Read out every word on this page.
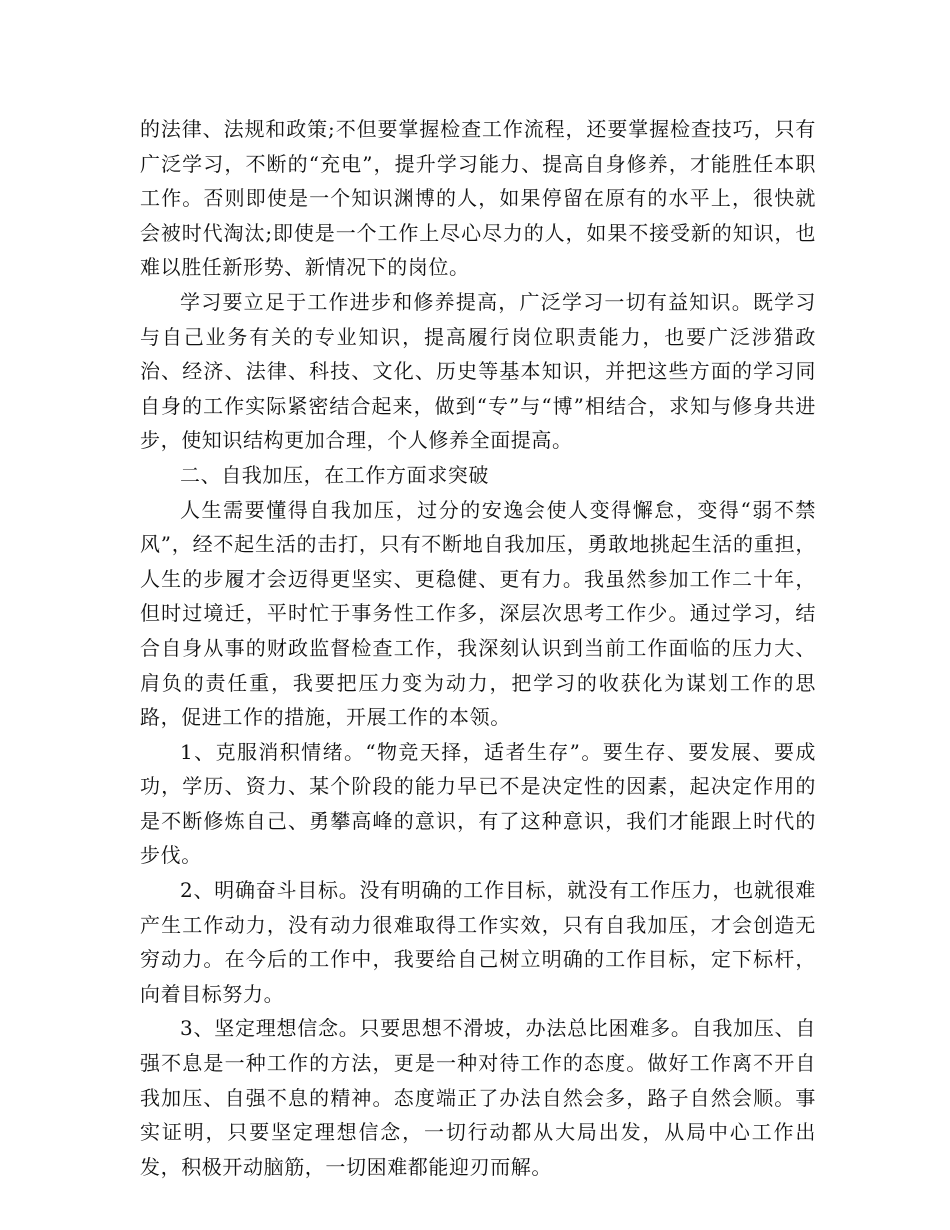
的法律、法规和政策;不但要掌握检查工作流程，还要掌握检查技巧，只有广泛学习，不断的“充电”，提升学习能力、提高自身修养，才能胜任本职工作。否则即使是一个知识渊博的人，如果停留在原有的水平上，很快就会被时代淘汰;即使是一个工作上尽心尽力的人，如果不接受新的知识，也难以胜任新形势、新情况下的岗位。

学习要立足于工作进步和修养提高，广泛学习一切有益知识。既学习与自己业务有关的专业知识，提高履行岗位职责能力，也要广泛涉猎政治、经济、法律、科技、文化、历史等基本知识，并把这些方面的学习同自身的工作实际紧密结合起来，做到“专”与“博”相结合，求知与修身共进步，使知识结构更加合理，个人修养全面提高。

二、自我加压，在工作方面求突破

人生需要懂得自我加压，过分的安逸会使人变得懈怠，变得“弱不禁风”，经不起生活的击打，只有不断地自我加压，勇敢地挑起生活的重担，人生的步履才会迈得更坚实、更稳健、更有力。我虽然参加工作二十年，但时过境迁，平时忙于事务性工作多，深层次思考工作少。通过学习，结合自身从事的财政监督检查工作，我深刻认识到当前工作面临的压力大、肩负的责任重，我要把压力变为动力，把学习的收获化为谋划工作的思路，促进工作的措施，开展工作的本领。

1、克服消积情绪。“物竞天择，适者生存”。要生存、要发展、要成功，学历、资力、某个阶段的能力早已不是决定性的因素，起决定作用的是不断修炼自己、勇攀高峰的意识，有了这种意识，我们才能跟上时代的步伐。

2、明确奋斗目标。没有明确的工作目标，就没有工作压力，也就很难产生工作动力，没有动力很难取得工作实效，只有自我加压，才会创造无穷动力。在今后的工作中，我要给自己树立明确的工作目标，定下标杆，向着目标努力。

3、坚定理想信念。只要思想不滑坡，办法总比困难多。自我加压、自强不息是一种工作的方法，更是一种对待工作的态度。做好工作离不开自我加压、自强不息的精神。态度端正了办法自然会多，路子自然会顺。事实证明，只要坚定理想信念，一切行动都从大局出发，从局中心工作出发，积极开动脑筋，一切困难都能迎刃而解。
